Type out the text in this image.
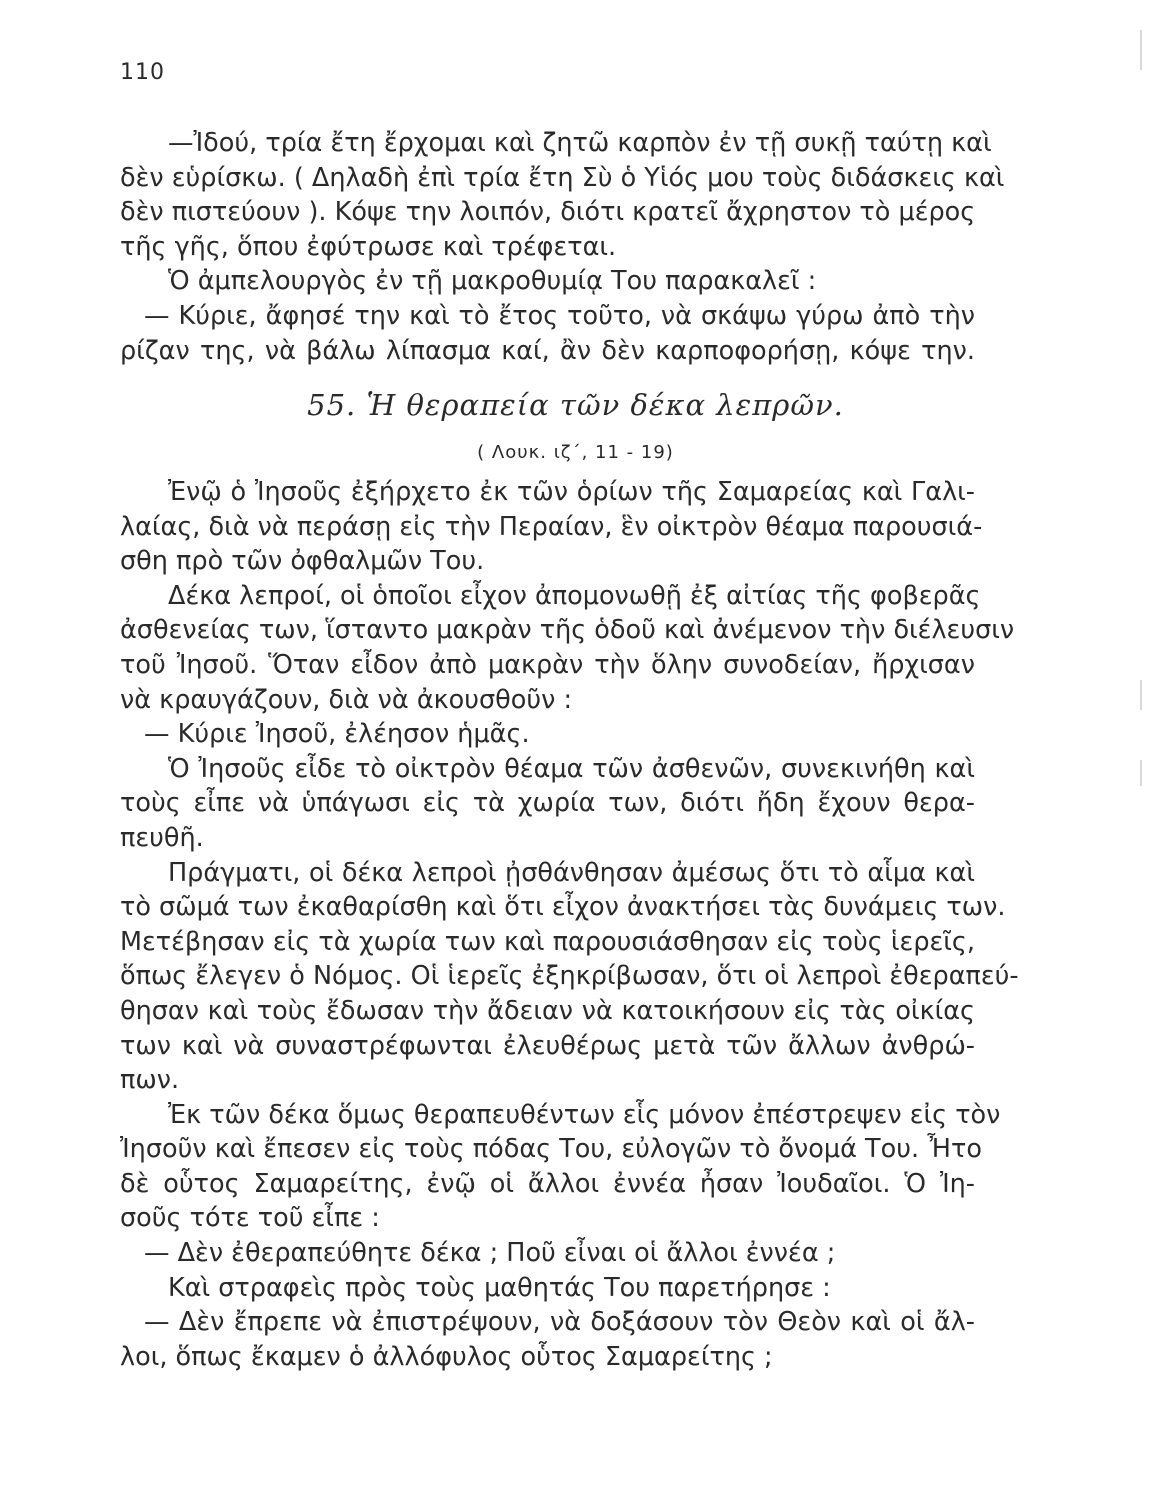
110
—Ἰδού, τρία ἔτη ἔρχομαι καὶ ζητῶ καρπὸν ἐν τῇ συκῇ ταύτῃ καὶ
δὲν εὑρίσκω. ( Δηλαδὴ ἐπὶ τρία ἔτη Σὺ ὁ Υἱός μου τοὺς διδάσκεις καὶ
δὲν πιστεύουν ). Κόψε την λοιπόν, διότι κρατεῖ ἄχρηστον τὸ μέρος
τῆς γῆς, ὅπου ἐφύτρωσε καὶ τρέφεται.
Ὁ ἀμπελουργὸς ἐν τῇ μακροθυμίᾳ Του παρακαλεῖ :
— Κύριε, ἄφησέ την καὶ τὸ ἔτος τοῦτο, νὰ σκάψω γύρω ἀπὸ τὴν
ρίζαν της, νὰ βάλω λίπασμα καί, ἂν δὲν καρποφορήσῃ, κόψε την.
55. Ἡ θεραπεία τῶν δέκα λεπρῶν.
( Λουκ. ιζ΄, 11 - 19)
Ἐνῷ ὁ Ἰησοῦς ἐξήρχετο ἐκ τῶν ὁρίων τῆς Σαμαρείας καὶ Γαλι-
λαίας, διὰ νὰ περάσῃ εἰς τὴν Περαίαν, ἓν οἰκτρὸν θέαμα παρουσιά-
σθη πρὸ τῶν ὀφθαλμῶν Του.
Δέκα λεπροί, οἱ ὁποῖοι εἶχον ἀπομονωθῇ ἐξ αἰτίας τῆς φοβερᾶς
ἀσθενείας των, ἵσταντο μακρὰν τῆς ὁδοῦ καὶ ἀνέμενον τὴν διέλευσιν
τοῦ Ἰησοῦ. Ὅταν εἶδον ἀπὸ μακρὰν τὴν ὅλην συνοδείαν, ἤρχισαν
νὰ κραυγάζουν, διὰ νὰ ἀκουσθοῦν :
— Κύριε Ἰησοῦ, ἐλέησον ἡμᾶς.
Ὁ Ἰησοῦς εἶδε τὸ οἰκτρὸν θέαμα τῶν ἀσθενῶν, συνεκινήθη καὶ
τοὺς εἶπε νὰ ὑπάγωσι εἰς τὰ χωρία των, διότι ἤδη ἔχουν θερα-
πευθῆ.
Πράγματι, οἱ δέκα λεπροὶ ᾐσθάνθησαν ἀμέσως ὅτι τὸ αἷμα καὶ
τὸ σῶμά των ἐκαθαρίσθη καὶ ὅτι εἶχον ἀνακτήσει τὰς δυνάμεις των.
Μετέβησαν εἰς τὰ χωρία των καὶ παρουσιάσθησαν εἰς τοὺς ἱερεῖς,
ὅπως ἔλεγεν ὁ Νόμος. Οἱ ἱερεῖς ἐξηκρίβωσαν, ὅτι οἱ λεπροὶ ἐθεραπεύ-
θησαν καὶ τοὺς ἔδωσαν τὴν ἄδειαν νὰ κατοικήσουν εἰς τὰς οἰκίας
των καὶ νὰ συναστρέφωνται ἐλευθέρως μετὰ τῶν ἄλλων ἀνθρώ-
πων.
Ἐκ τῶν δέκα ὅμως θεραπευθέντων εἷς μόνον ἐπέστρεψεν εἰς τὸν
Ἰησοῦν καὶ ἔπεσεν εἰς τοὺς πόδας Του, εὐλογῶν τὸ ὄνομά Του. Ἦτο
δὲ οὗτος Σαμαρείτης, ἐνῷ οἱ ἄλλοι ἐννέα ἦσαν Ἰουδαῖοι. Ὁ Ἰη-
σοῦς τότε τοῦ εἶπε :
— Δὲν ἐθεραπεύθητε δέκα ; Ποῦ εἶναι οἱ ἄλλοι ἐννέα ;
Καὶ στραφεὶς πρὸς τοὺς μαθητάς Του παρετήρησε :
— Δὲν ἔπρεπε νὰ ἐπιστρέψουν, νὰ δοξάσουν τὸν Θεὸν καὶ οἱ ἄλ-
λοι, ὅπως ἔκαμεν ὁ ἀλλόφυλος οὗτος Σαμαρείτης ;
